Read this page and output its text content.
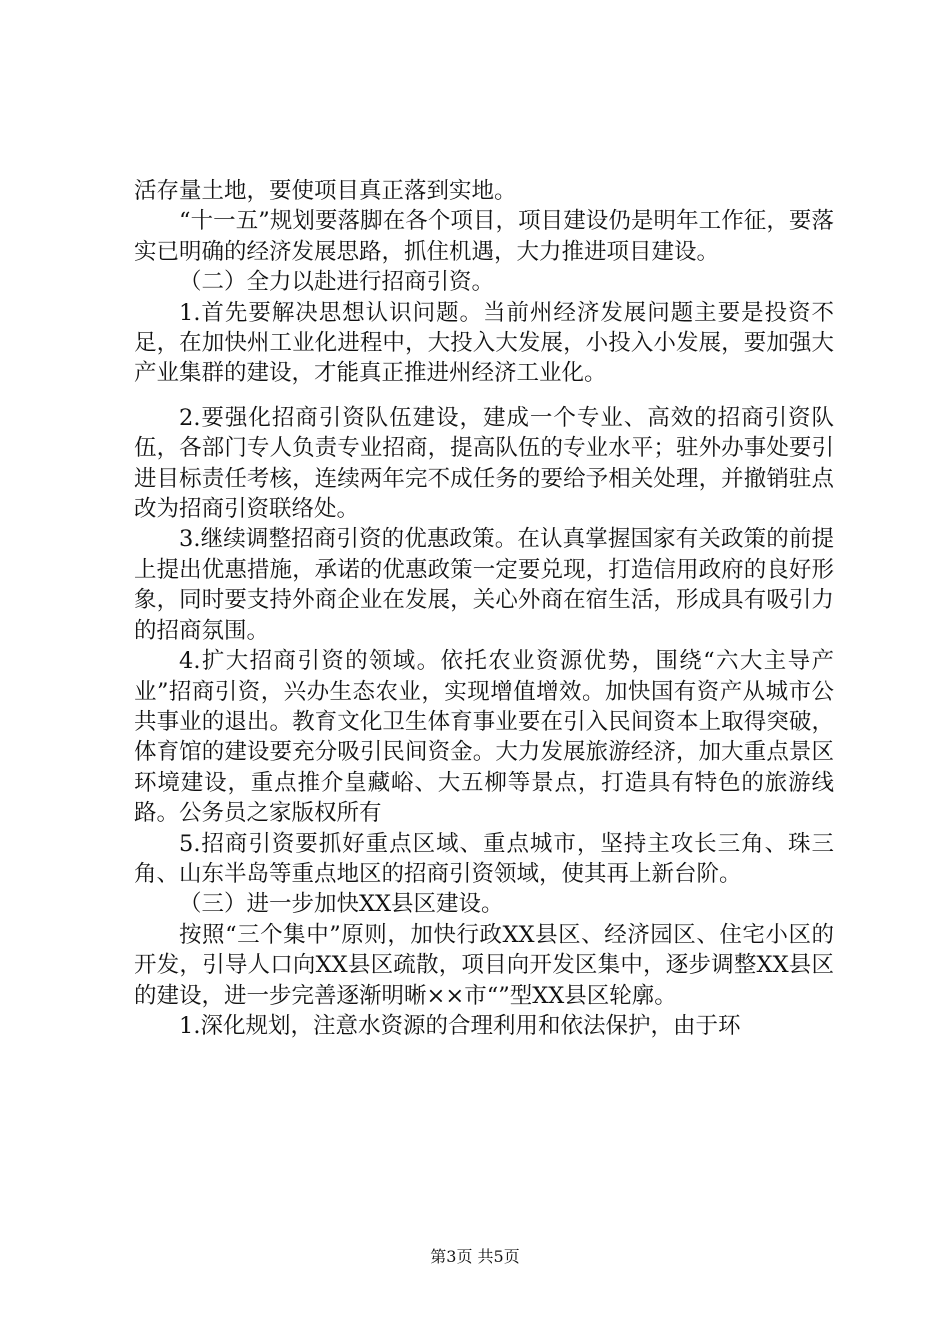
活存量土地，要使项目真正落到实地。

“十一五”规划要落脚在各个项目，项目建设仍是明年工作征，要落实已明确的经济发展思路，抓住机遇，大力推进项目建设。

（二）全力以赴进行招商引资。

1.首先要解决思想认识问题。当前州经济发展问题主要是投资不足，在加快州工业化进程中，大投入大发展，小投入小发展，要加强大产业集群的建设，才能真正推进州经济工业化。

2.要强化招商引资队伍建设，建成一个专业、高效的招商引资队伍，各部门专人负责专业招商，提高队伍的专业水平；驻外办事处要引进目标责任考核，连续两年完不成任务的要给予相关处理，并撤销驻点改为招商引资联络处。

3.继续调整招商引资的优惠政策。在认真掌握国家有关政策的前提上提出优惠措施，承诺的优惠政策一定要兑现，打造信用政府的良好形象，同时要支持外商企业在发展，关心外商在宿生活，形成具有吸引力的招商氛围。

4.扩大招商引资的领域。依托农业资源优势，围绕“六大主导产业”招商引资，兴办生态农业，实现增值增效。加快国有资产从城市公共事业的退出。教育文化卫生体育事业要在引入民间资本上取得突破，体育馆的建设要充分吸引民间资金。大力发展旅游经济，加大重点景区环境建设，重点推介皇藏峪、大五柳等景点，打造具有特色的旅游线路。公务员之家版权所有

5.招商引资要抓好重点区域、重点城市，坚持主攻长三角、珠三角、山东半岛等重点地区的招商引资领域，使其再上新台阶。

（三）进一步加快XX县区建设。

按照“三个集中”原则，加快行政XX县区、经济园区、住宅小区的开发，引导人口向XX县区疏散，项目向开发区集中，逐步调整XX县区的建设，进一步完善逐渐明晰××市“”型XX县区轮廓。

1.深化规划，注意水资源的合理利用和依法保护，由于环

第3页 共5页
